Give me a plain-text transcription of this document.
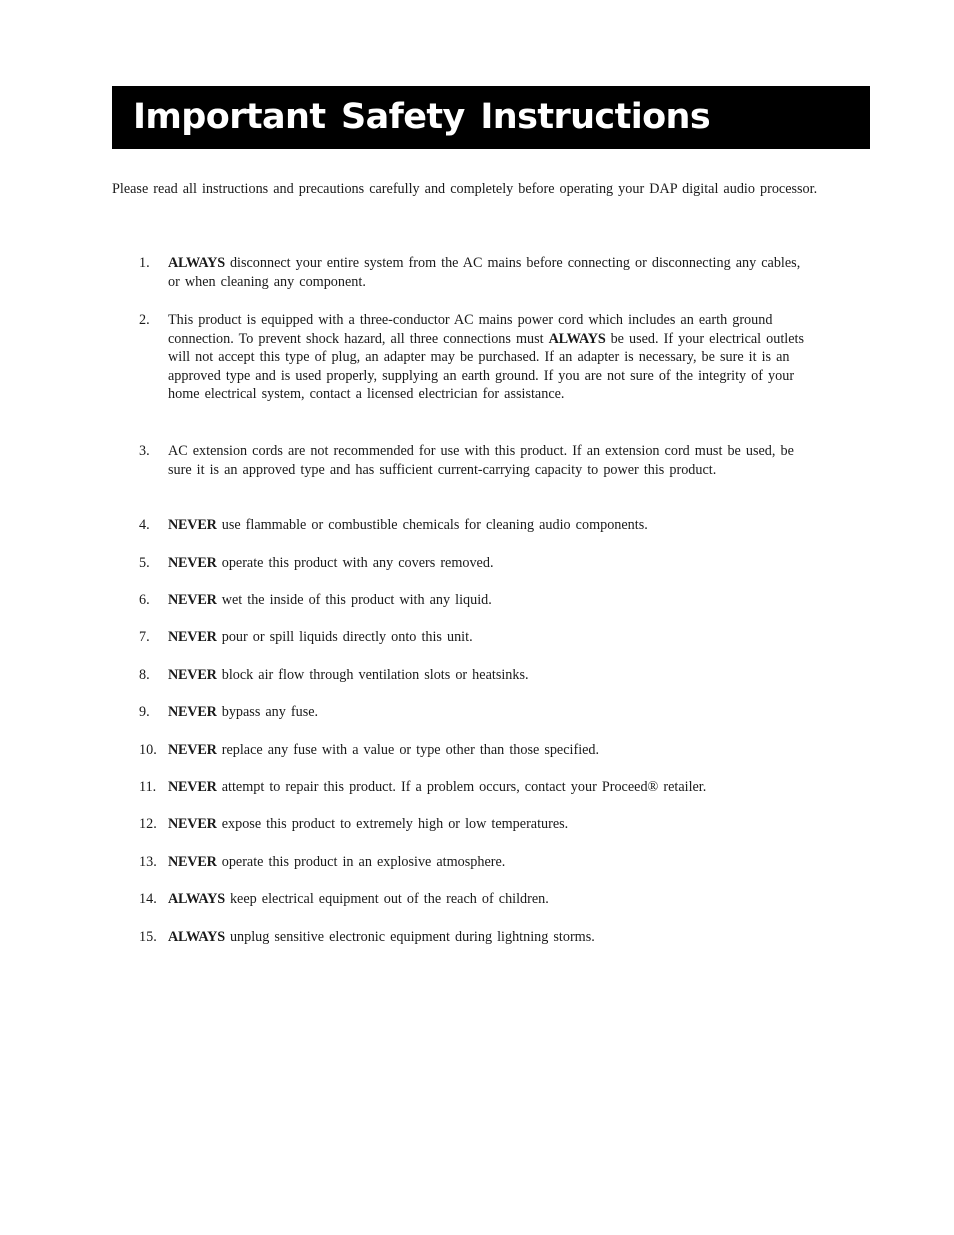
Important Safety Instructions

Please read all instructions and precautions carefully and completely before operating your DAP digital audio processor.

1.	ALWAYS disconnect your entire system from the AC mains before connecting or disconnecting any cables, or when cleaning any component.
2.	This product is equipped with a three-conductor AC mains power cord which includes an earth ground connection. To prevent shock hazard, all three connections must ALWAYS be used. If your electrical outlets will not accept this type of plug, an adapter may be purchased. If an adapter is necessary, be sure it is an approved type and is used properly, supplying an earth ground. If you are not sure of the integrity of your home electrical system, contact a licensed electrician for assistance.
3.	AC extension cords are not recommended for use with this product. If an extension cord must be used, be sure it is an approved type and has sufficient current-carrying capacity to power this product.
4.	NEVER use flammable or combustible chemicals for cleaning audio components.
5.	NEVER operate this product with any covers removed.
6.	NEVER wet the inside of this product with any liquid.
7.	NEVER pour or spill liquids directly onto this unit.
8.	NEVER block air flow through ventilation slots or heatsinks.
9.	NEVER bypass any fuse.
10. NEVER replace any fuse with a value or type other than those specified.
11. NEVER attempt to repair this product. If a problem occurs, contact your Proceed® retailer.
12. NEVER expose this product to extremely high or low temperatures.
13. NEVER operate this product in an explosive atmosphere.
14. ALWAYS keep electrical equipment out of the reach of children.
15. ALWAYS unplug sensitive electronic equipment during lightning storms.
